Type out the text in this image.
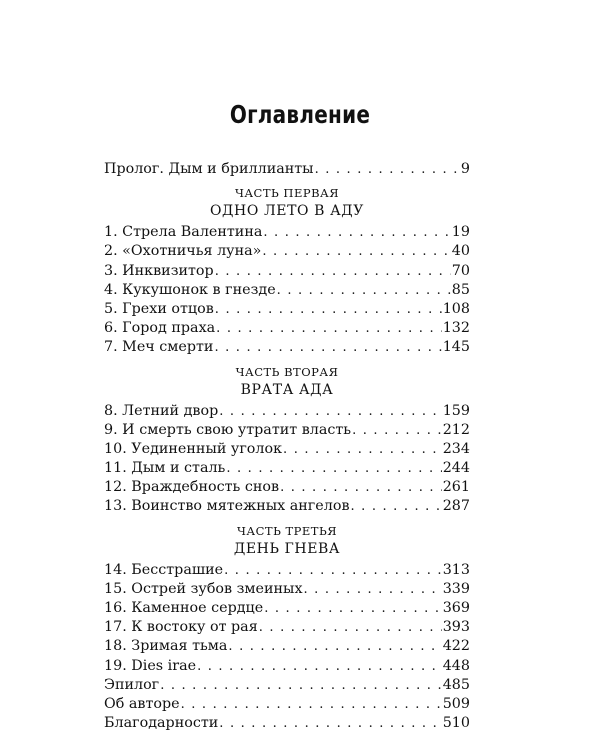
Оглавление
Пролог. Дым и бриллианты . . .	9
ЧАСТЬ ПЕРВАЯ
ОДНО ЛЕТО В АДУ
1. Стрела Валентина . . .	19
2. «Охотничья луна» . . .	40
3. Инквизитор . . .	70
4. Кукушонок в гнезде . . .	85
5. Грехи отцов . . .	108
6. Город праха . . .	132
7. Меч смерти . . .	145
ЧАСТЬ ВТОРАЯ
ВРАТА АДА
8. Летний двор . . .	159
9. И смерть свою утратит власть . . .	212
10. Уединенный уголок . . .	234
11. Дым и сталь . . .	244
12. Враждебность снов . . .	261
13. Воинство мятежных ангелов . . .	287
ЧАСТЬ ТРЕТЬЯ
ДЕНЬ ГНЕВА
14. Бесстрашие . . .	313
15. Острей зубов змеиных . . .	339
16. Каменное сердце . . .	369
17. К востоку от рая . . .	393
18. Зримая тьма . . .	422
19. Dies irae . . .	448
Эпилог . . .	485
Об авторе . . .	509
Благодарности . . .	510
